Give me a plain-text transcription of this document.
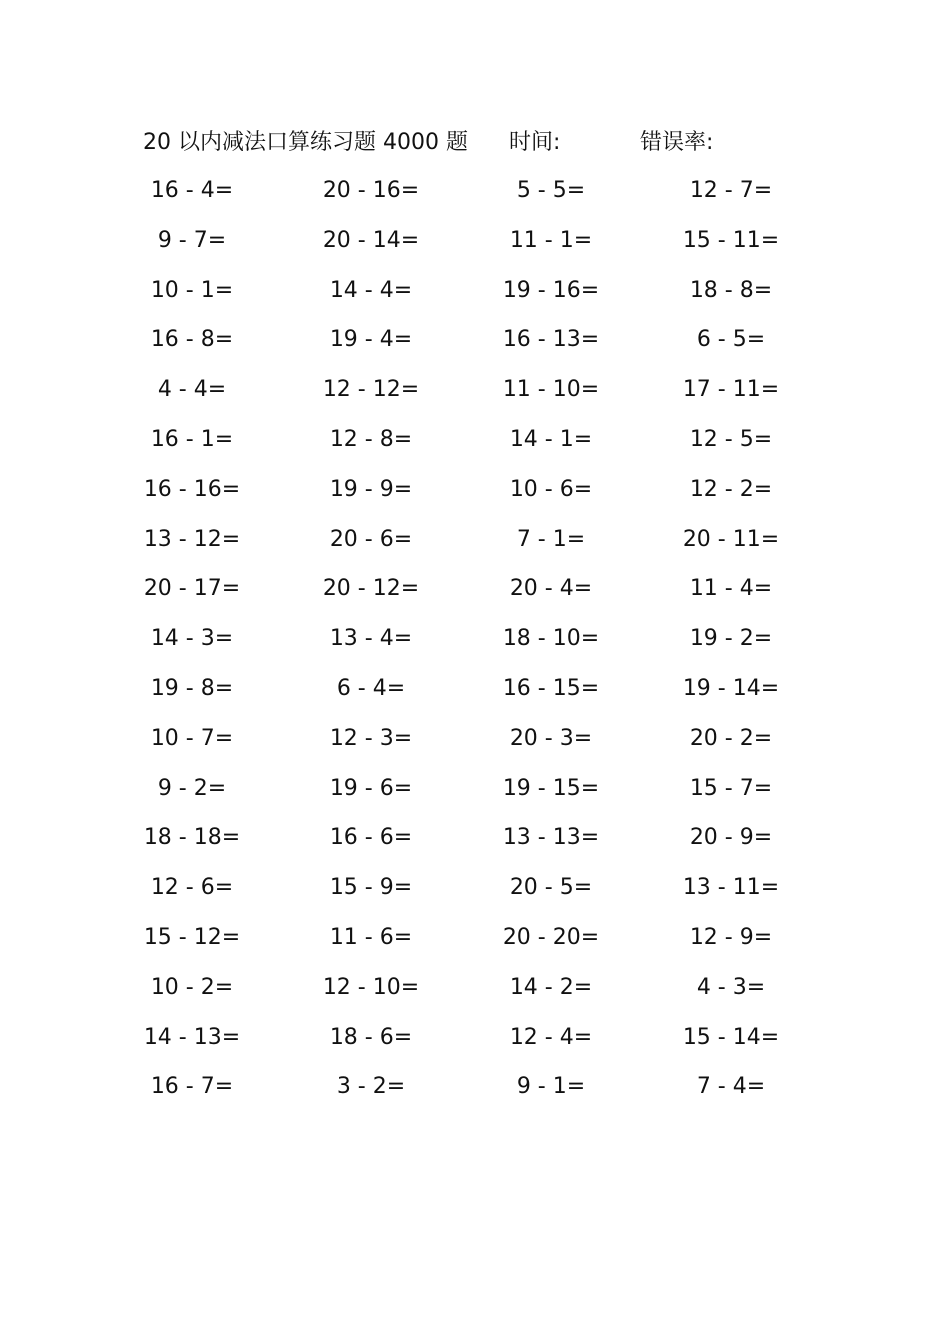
20 以内减法口算练习题 4000 题 时间:	错误率:
16 - 4=	20 - 16=	5 - 5=	12 - 7=
9 - 7=	20 - 14=	11 - 1=	15 - 11=
10 - 1=	14 - 4=	19 - 16=	18 - 8=
16 - 8=	19 - 4=	16 - 13=	6 - 5=
4 - 4=	12 - 12=	11 - 10=	17 - 11=
16 - 1=	12 - 8=	14 - 1=	12 - 5=
16 - 16=	19 - 9=	10 - 6=	12 - 2=
13 - 12=	20 - 6=	7 - 1=	20 - 11=
20 - 17=	20 - 12=	20 - 4=	11 - 4=
14 - 3=	13 - 4=	18 - 10=	19 - 2=
19 - 8=	6 - 4=	16 - 15=	19 - 14=
10 - 7=	12 - 3=	20 - 3=	20 - 2=
9 - 2=	19 - 6=	19 - 15=	15 - 7=
18 - 18=	16 - 6=	13 - 13=	20 - 9=
12 - 6=	15 - 9=	20 - 5=	13 - 11=
15 - 12=	11 - 6=	20 - 20=	12 - 9=
10 - 2=	12 - 10=	14 - 2=	4 - 3=
14 - 13=	18 - 6=	12 - 4=	15 - 14=
16 - 7=	3 - 2=	9 - 1=	7 - 4=
